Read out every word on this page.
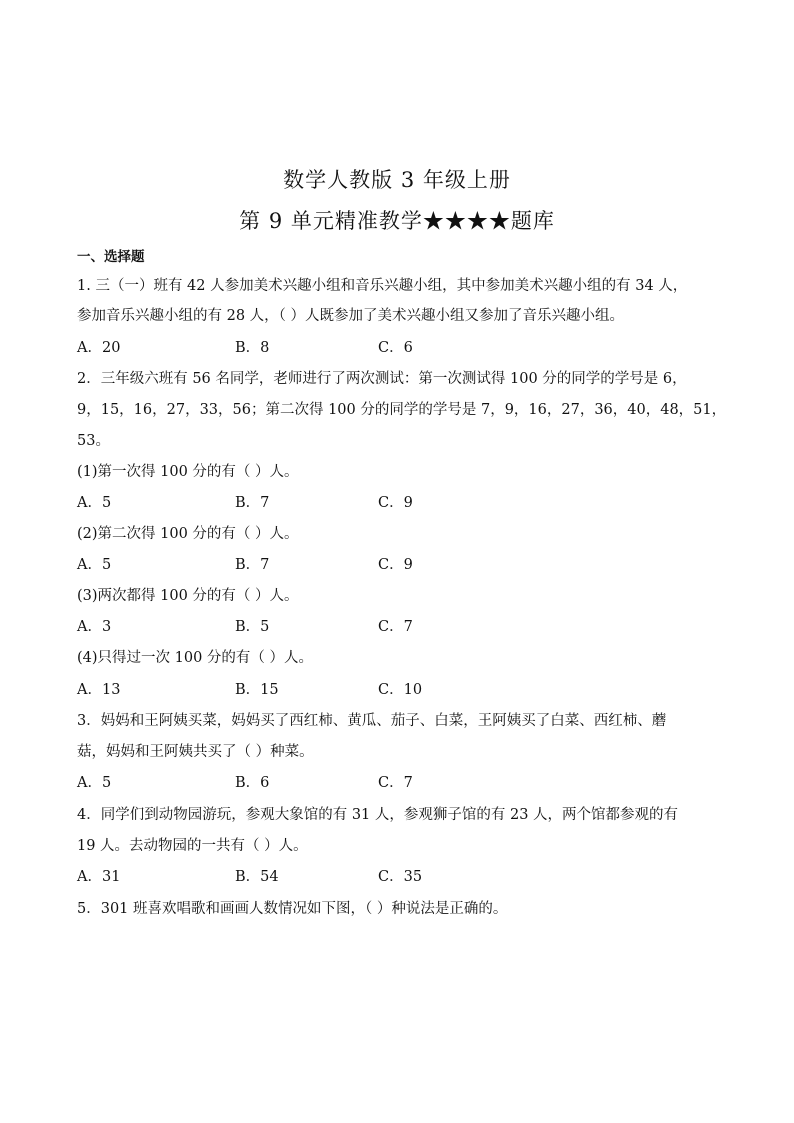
数学人教版 3 年级上册
第 9 单元精准教学★★★★题库
一、选择题
1. 三（一）班有 42 人参加美术兴趣小组和音乐兴趣小组，其中参加美术兴趣小组的有 34 人，
参加音乐兴趣小组的有 28 人，（ ）人既参加了美术兴趣小组又参加了音乐兴趣小组。
A．20	B．8	C．6
2．三年级六班有 56 名同学，老师进行了两次测试：第一次测试得 100 分的同学的学号是 6，
9，15，16，27，33，56；第二次得 100 分的同学的学号是 7，9，16，27，36，40，48，51，
53。
(1)第一次得 100 分的有（ ）人。
A．5	B．7	C．9
(2)第二次得 100 分的有（ ）人。
A．5	B．7	C．9
(3)两次都得 100 分的有（ ）人。
A．3	B．5	C．7
(4)只得过一次 100 分的有（ ）人。
A．13	B．15	C．10
3．妈妈和王阿姨买菜，妈妈买了西红柿、黄瓜、茄子、白菜，王阿姨买了白菜、西红柿、蘑
菇，妈妈和王阿姨共买了（ ）种菜。
A．5	B．6	C．7
4．同学们到动物园游玩，参观大象馆的有 31 人，参观狮子馆的有 23 人，两个馆都参观的有
19 人。去动物园的一共有（ ）人。
A．31	B．54	C．35
5．301 班喜欢唱歌和画画人数情况如下图，（ ）种说法是正确的。
